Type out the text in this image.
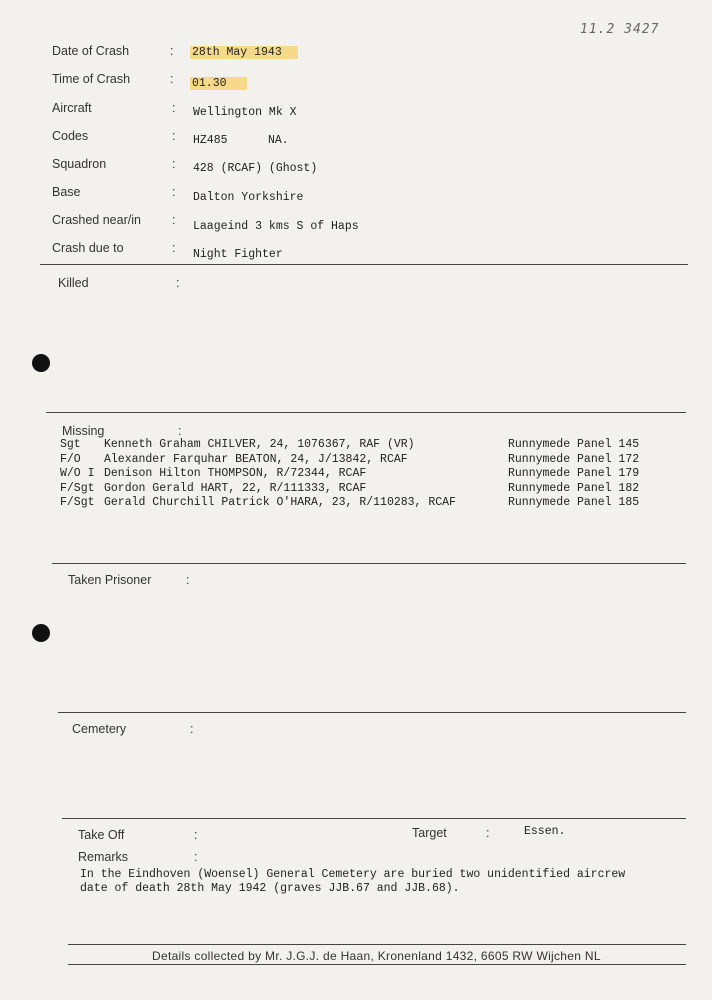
11.2 3427
Date of Crash	: 28th May 1943
Time of Crash	: 01.30
Aircraft	: Wellington Mk X
Codes	: HZ485	NA.
Squadron	: 428 (RCAF) (Ghost)
Base	: Dalton Yorkshire
Crashed near/in : Laageind 3 kms S of Haps
Crash due to	: Night Fighter
Killed	:
Missing	:
Sgt Kenneth Graham CHILVER, 24, 1076367, RAF (VR)	Runnymede Panel 145
F/O Alexander Farquhar BEATON, 24, J/13842, RCAF	Runnymede Panel 172
W/O I Denison Hilton THOMPSON, R/72344, RCAF	Runnymede Panel 179
F/Sgt Gordon Gerald HART, 22, R/111333, RCAF	Runnymede Panel 182
F/Sgt Gerald Churchill Patrick O'HARA, 23, R/110283, RCAF	Runnymede Panel 185
Taken Prisoner	:
Cemetery	:
Take Off	:	Target	:	Essen.
Remarks	:
In the Eindhoven (Woensel) General Cemetery are buried two unidentified aircrew
date of death 28th May 1942 (graves JJB.67 and JJB.68).
Details collected by Mr. J.G.J. de Haan, Kronenland 1432, 6605 RW Wijchen NL
